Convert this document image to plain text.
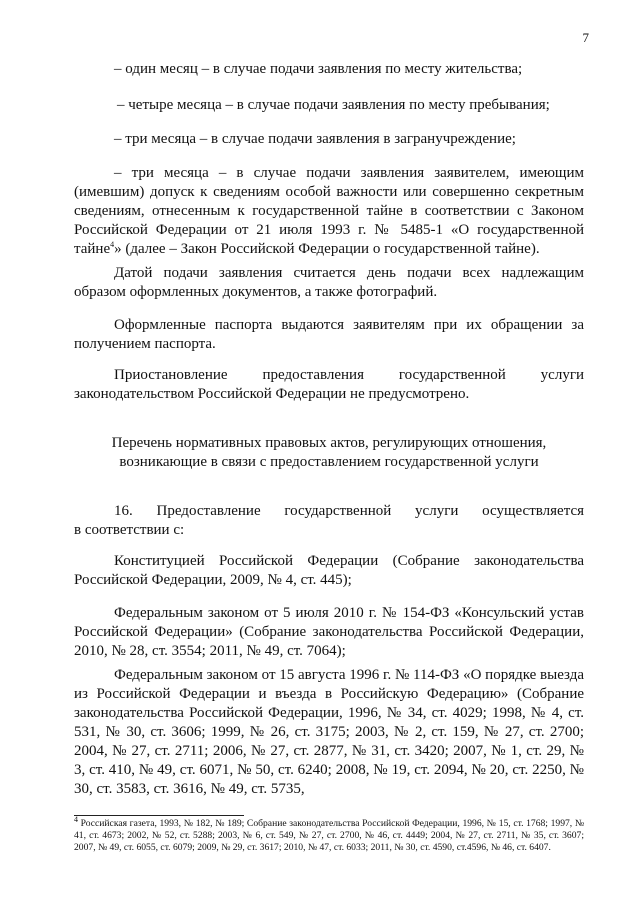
7
– один месяц – в случае подачи заявления по месту жительства;
– четыре месяца – в случае подачи заявления по месту пребывания;
– три месяца – в случае подачи заявления в загранучреждение;
– три месяца – в случае подачи заявления заявителем, имеющим (имевшим) допуск к сведениям особой важности или совершенно секретным сведениям, отнесенным к государственной тайне в соответствии с Законом Российской Федерации от 21 июля 1993 г. № 5485-1 «О государственной тайне$^4$» (далее – Закон Российской Федерации о государственной тайне).
Датой подачи заявления считается день подачи всех надлежащим образом оформленных документов, а также фотографий.
Оформленные паспорта выдаются заявителям при их обращении за получением паспорта.
Приостановление предоставления государственной услуги
законодательством Российской Федерации не предусмотрено.
Перечень нормативных правовых актов, регулирующих отношения,
возникающие в связи с предоставлением государственной услуги
16. Предоставление государственной услуги осуществляется
в соответствии с:
Конституцией Российской Федерации (Собрание законодательства Российской Федерации, 2009, № 4, ст. 445);
Федеральным законом от 5 июля 2010 г. № 154-ФЗ «Консульский устав Российской Федерации» (Собрание законодательства Российской Федерации, 2010, № 28, ст. 3554; 2011, № 49, ст. 7064);
Федеральным законом от 15 августа 1996 г. № 114-ФЗ «О порядке выезда из Российской Федерации и въезда в Российскую Федерацию» (Собрание законодательства Российской Федерации, 1996, № 34, ст. 4029; 1998, № 4, ст. 531, № 30, ст. 3606; 1999, № 26, ст. 3175; 2003, № 2, ст. 159, № 27, ст. 2700; 2004, № 27, ст. 2711; 2006, № 27, ст. 2877, № 31, ст. 3420; 2007, № 1, ст. 29, № 3, ст. 410, № 49, ст. 6071, № 50, ст. 6240; 2008, № 19, ст. 2094, № 20, ст. 2250, № 30, ст. 3583, ст. 3616, № 49, ст. 5735,
$^4$ Российская газета, 1993, № 182, № 189; Собрание законодательства Российской Федерации, 1996, № 15, ст. 1768; 1997, № 41, ст. 4673; 2002, № 52, ст. 5288; 2003, № 6, ст. 549, № 27, ст. 2700, № 46, ст. 4449; 2004, № 27, ст. 2711, № 35, ст. 3607; 2007, № 49, ст. 6055, ст. 6079; 2009, № 29, ст. 3617; 2010, № 47, ст. 6033; 2011, № 30, ст. 4590, ст.4596, № 46, ст. 6407.
